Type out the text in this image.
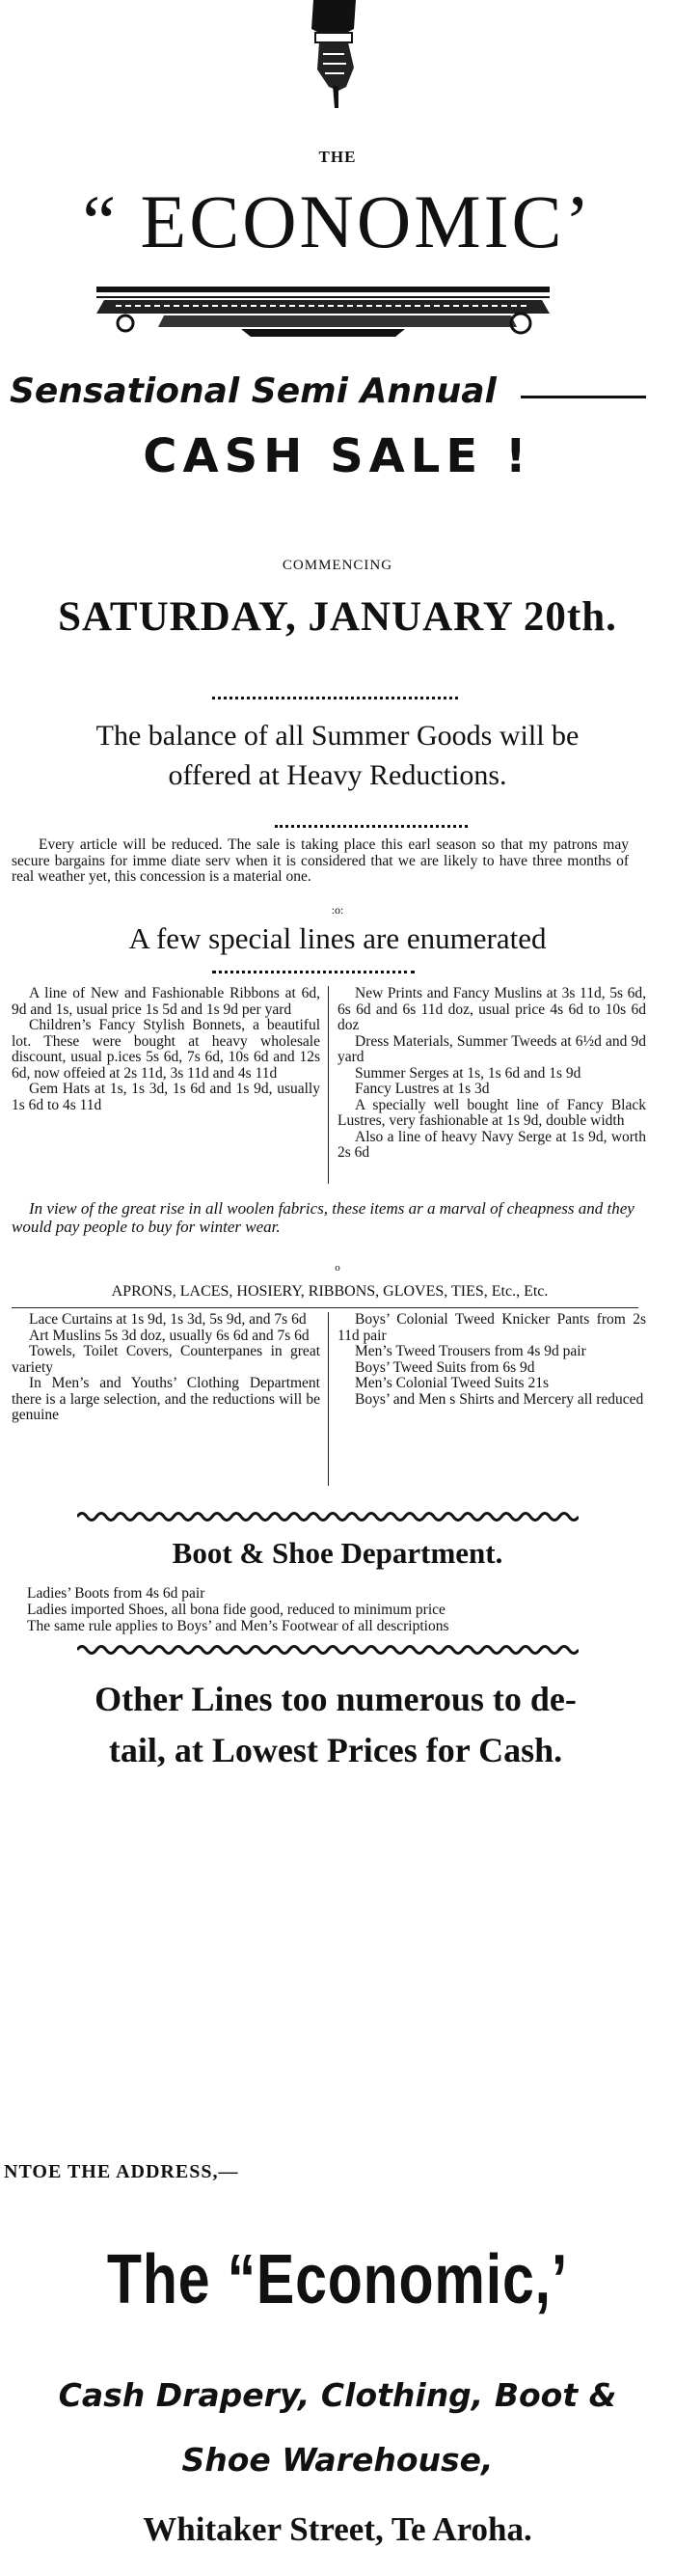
THE
“ ECONOMIC’
Sensational Semi Annual
CASH SALE !
COMMENCING
SATURDAY, JANUARY 20th.
The balance of all Summer Goods will be
offered at Heavy Reductions.
Every article will be reduced. The sale is taking place this earl season so that my patrons may secure bargains for imme diate serv when it is considered that we are likely to have three months of real weather yet, this concession is a material one.
:o:
A few special lines are enumerated

A line of New and Fashionable Ribbons at 6d, 9d and 1s, usual price 1s 5d and 1s 9d per yard

Children’s Fancy Stylish Bonnets, a beautiful lot. These were bought at heavy wholesale discount, usual p.ices 5s 6d, 7s 6d, 10s 6d and 12s 6d, now offeied at 2s 11d, 3s 11d and 4s 11d

Gem Hats at 1s, 1s 3d, 1s 6d and 1s 9d, usually 1s 6d to 4s 11d

New Prints and Fancy Muslins at 3s 11d, 5s 6d, 6s 6d and 6s 11d doz, usual price 4s 6d to 10s 6d doz

Dress Materials, Summer Tweeds at 6½d and 9d yard

Summer Serges at 1s, 1s 6d and 1s 9d

Fancy Lustres at 1s 3d

A specially well bought line of Fancy Black Lustres, very fashionable at 1s 9d, double width

Also a line of heavy Navy Serge at 1s 9d, worth 2s 6d

In view of the great rise in all woolen fabrics, these items ar a marval of cheapness and they would pay people to buy for winter wear.
o
APRONS, LACES, HOSIERY, RIBBONS, GLOVES, TIES, Etc., Etc.

Lace Curtains at 1s 9d, 1s 3d, 5s 9d, and 7s 6d

Art Muslins 5s 3d doz, usually 6s 6d and 7s 6d

Towels, Toilet Covers, Counterpanes in great variety

In Men’s and Youths’ Clothing Department there is a large selection, and the reductions will be genuine

Boys’ Colonial Tweed Knicker Pants from 2s 11d pair

Men’s Tweed Trousers from 4s 9d pair

Boys’ Tweed Suits from 6s 9d

Men’s Colonial Tweed Suits 21s

Boys’ and Men s Shirts and Mercery all reduced

Boot & Shoe Department.
Ladies’ Boots from 4s 6d pair
Ladies imported Shoes, all bona fide good, reduced to minimum price
The same rule applies to Boys’ and Men’s Footwear of all descriptions
Other Lines too numerous to de-
tail, at Lowest Prices for Cash.
NTOE THE ADDRESS,—
The “Economic,’
Cash Drapery, Clothing, Boot &
Shoe Warehouse,
Whitaker Street, Te Aroha.
